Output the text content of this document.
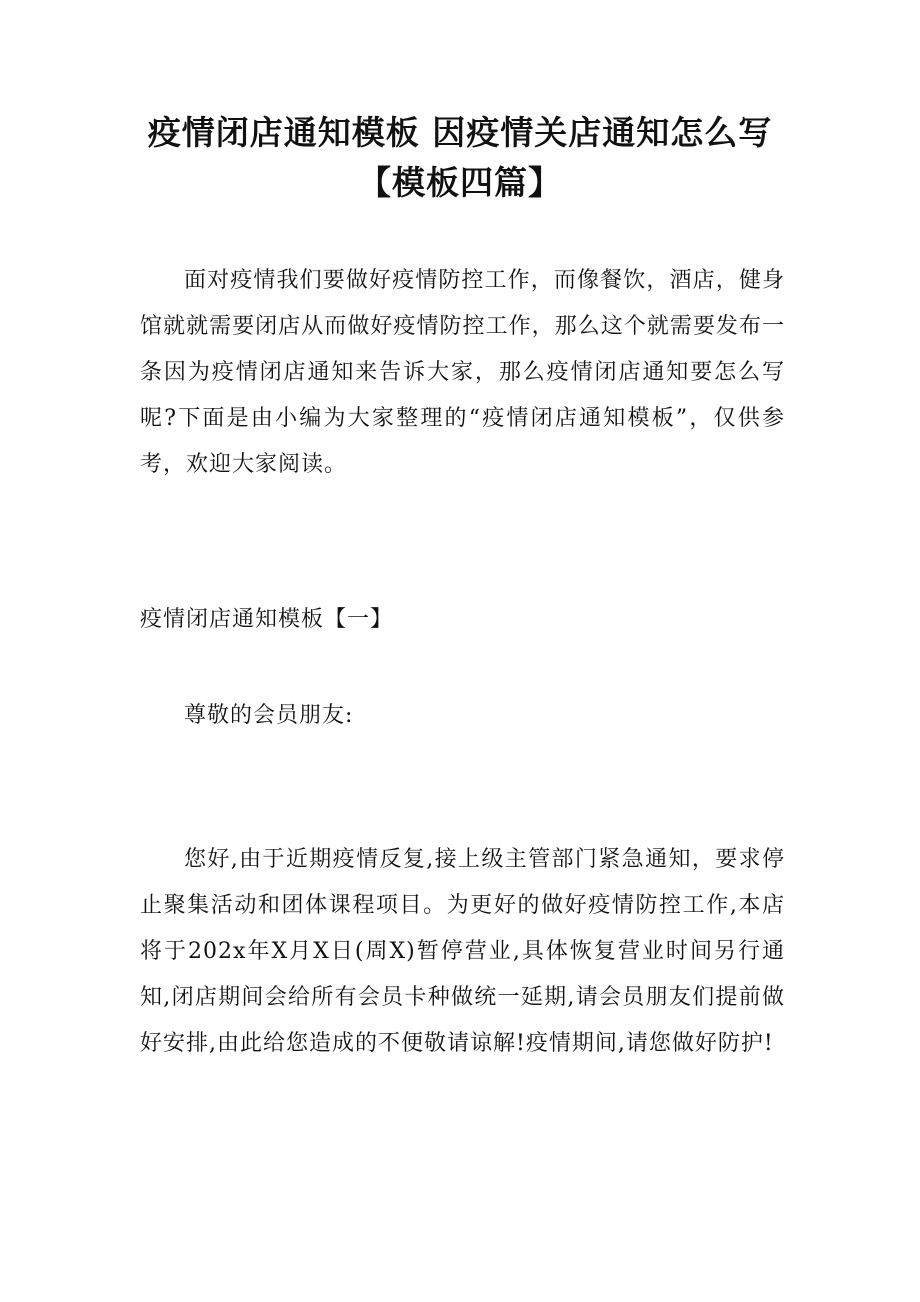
疫情闭店通知模板 因疫情关店通知怎么写
【模板四篇】

面对疫情我们要做好疫情防控工作，而像餐饮，酒店，健身馆就就需要闭店从而做好疫情防控工作，那么这个就需要发布一条因为疫情闭店通知来告诉大家，那么疫情闭店通知要怎么写呢?下面是由小编为大家整理的“疫情闭店通知模板”，仅供参考，欢迎大家阅读。

疫情闭店通知模板【一】

尊敬的会员朋友:

您好,由于近期疫情反复,接上级主管部门紧急通知，要求停止聚集活动和团体课程项目。为更好的做好疫情防控工作,本店将于202x年X月X日(周X)暂停营业,具体恢复营业时间另行通知,闭店期间会给所有会员卡种做统一延期,请会员朋友们提前做好安排,由此给您造成的不便敬请谅解!疫情期间,请您做好防护!
